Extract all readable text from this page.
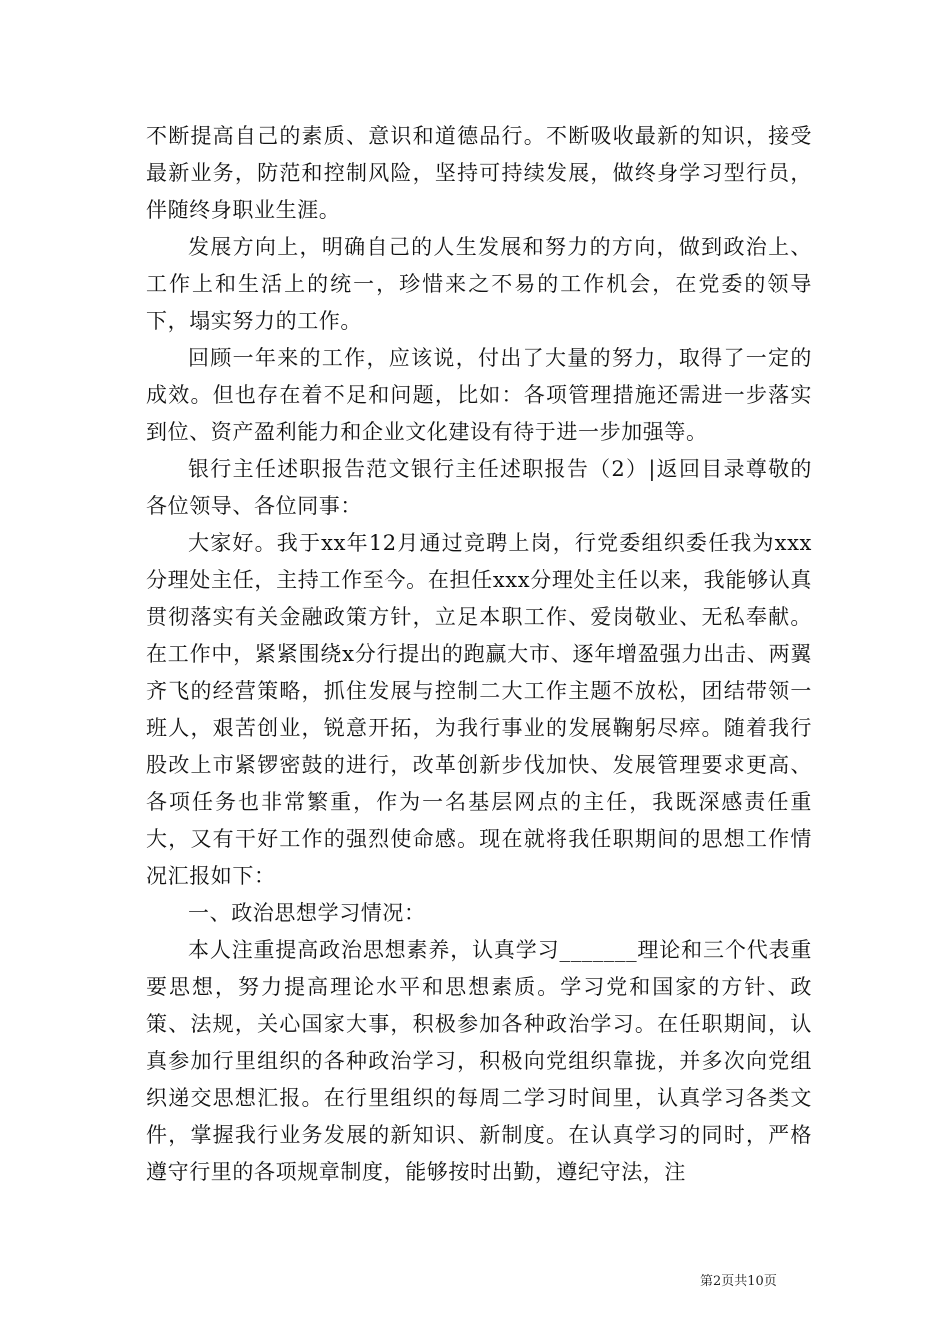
不断提高自己的素质、意识和道德品行。不断吸收最新的知识，接受最新业务，防范和控制风险，坚持可持续发展，做终身学习型行员，伴随终身职业生涯。

发展方向上，明确自己的人生发展和努力的方向，做到政治上、工作上和生活上的统一，珍惜来之不易的工作机会，在党委的领导下，塌实努力的工作。

回顾一年来的工作，应该说，付出了大量的努力，取得了一定的成效。但也存在着不足和问题，比如：各项管理措施还需进一步落实到位、资产盈利能力和企业文化建设有待于进一步加强等。

银行主任述职报告范文银行主任述职报告（2）|返回目录尊敬的各位领导、各位同事：

大家好。我于xx年12月通过竞聘上岗，行党委组织委任我为xxx分理处主任，主持工作至今。在担任xxx分理处主任以来，我能够认真贯彻落实有关金融政策方针，立足本职工作、爱岗敬业、无私奉献。在工作中，紧紧围绕x分行提出的跑赢大市、逐年增盈强力出击、两翼齐飞的经营策略，抓住发展与控制二大工作主题不放松，团结带领一班人，艰苦创业，锐意开拓，为我行事业的发展鞠躬尽瘁。随着我行股改上市紧锣密鼓的进行，改革创新步伐加快、发展管理要求更高、各项任务也非常繁重，作为一名基层网点的主任，我既深感责任重大，又有干好工作的强烈使命感。现在就将我任职期间的思想工作情况汇报如下：

一、政治思想学习情况：

本人注重提高政治思想素养，认真学习_______理论和三个代表重要思想，努力提高理论水平和思想素质。学习党和国家的方针、政策、法规，关心国家大事，积极参加各种政治学习。在任职期间，认真参加行里组织的各种政治学习，积极向党组织靠拢，并多次向党组织递交思想汇报。在行里组织的每周二学习时间里，认真学习各类文件，掌握我行业务发展的新知识、新制度。在认真学习的同时，严格遵守行里的各项规章制度，能够按时出勤，遵纪守法，注

第2页共10页
